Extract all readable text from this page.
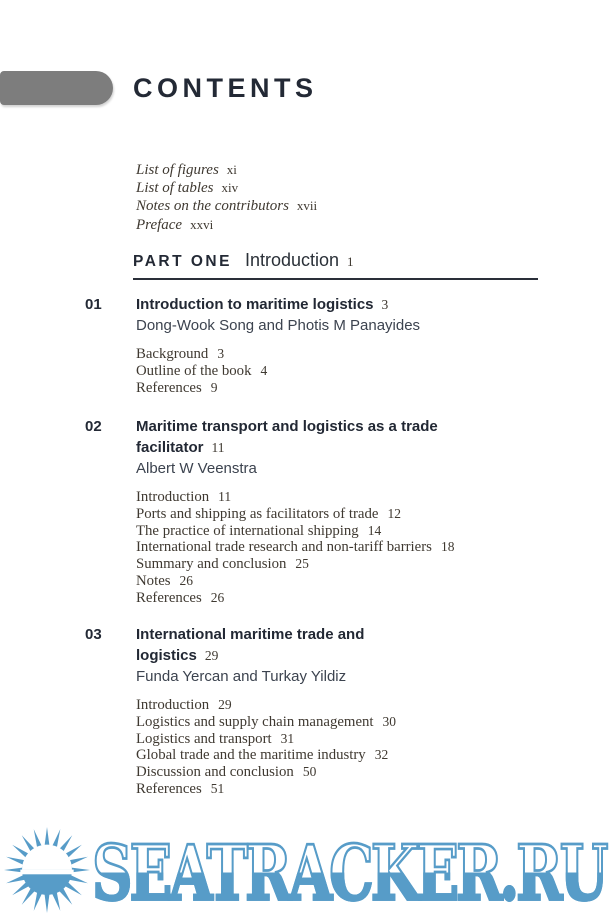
CONTENTS
List of figures xi
List of tables xiv
Notes on the contributors xvii
Preface xxvi
PART ONE Introduction 1
01 Introduction to maritime logistics 3
Dong-Wook Song and Photis M Panayides
Background 3
Outline of the book 4
References 9
02 Maritime transport and logistics as a trade
facilitator 11
Albert W Veenstra
Introduction 11
Ports and shipping as facilitators of trade 12
The practice of international shipping 14
International trade research and non-tariff barriers 18
Summary and conclusion 25
Notes 26
References 26
03 International maritime trade and
logistics 29
Funda Yercan and Turkay Yildiz
Introduction 29
Logistics and supply chain management 30
Logistics and transport 31
Global trade and the maritime industry 32
Discussion and conclusion 50
References 51
SEATRACKER.RU
